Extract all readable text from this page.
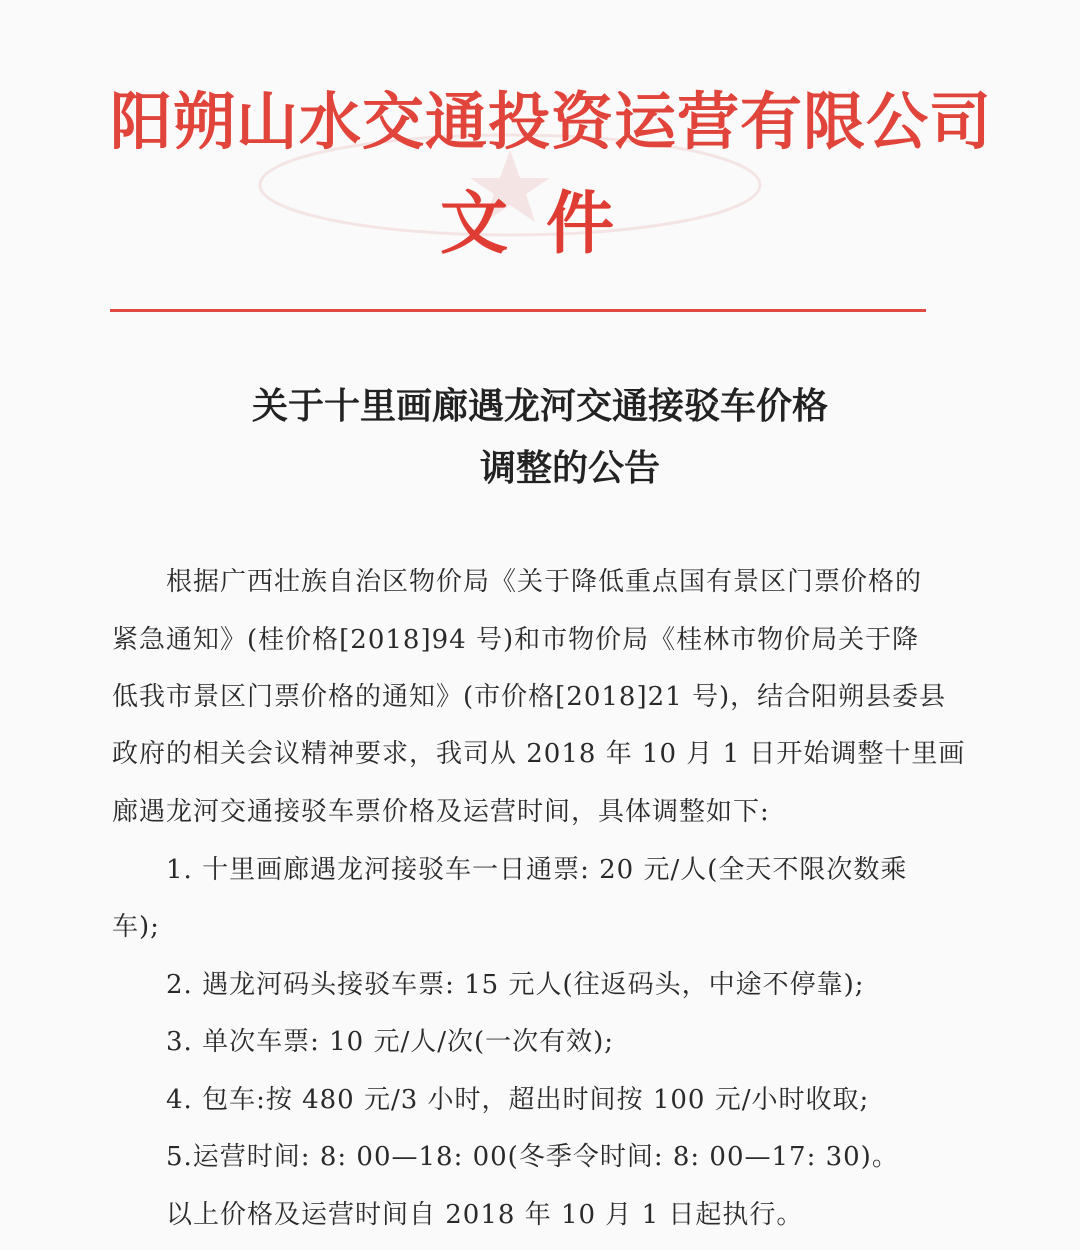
阳朔山水交通投资运营有限公司
文件
关于十里画廊遇龙河交通接驳车价格
调整的公告
　　根据广西壮族自治区物价局《关于降低重点国有景区门票价格的
紧急通知》(桂价格[2018]94 号)和市物价局《桂林市物价局关于降
低我市景区门票价格的通知》(市价格[2018]21 号)，结合阳朔县委县
政府的相关会议精神要求，我司从 2018 年 10 月 1 日开始调整十里画
廊遇龙河交通接驳车票价格及运营时间，具体调整如下:
　　1. 十里画廊遇龙河接驳车一日通票: 20 元/人(全天不限次数乘
车);
　　2. 遇龙河码头接驳车票: 15 元人(往返码头，中途不停靠);
　　3. 单次车票: 10 元/人/次(一次有效);
　　4. 包车:按 480 元/3 小时，超出时间按 100 元/小时收取;
　　5.运营时间: 8: 00—18: 00(冬季令时间: 8: 00—17: 30)。
　　以上价格及运营时间自 2018 年 10 月 1 日起执行。
